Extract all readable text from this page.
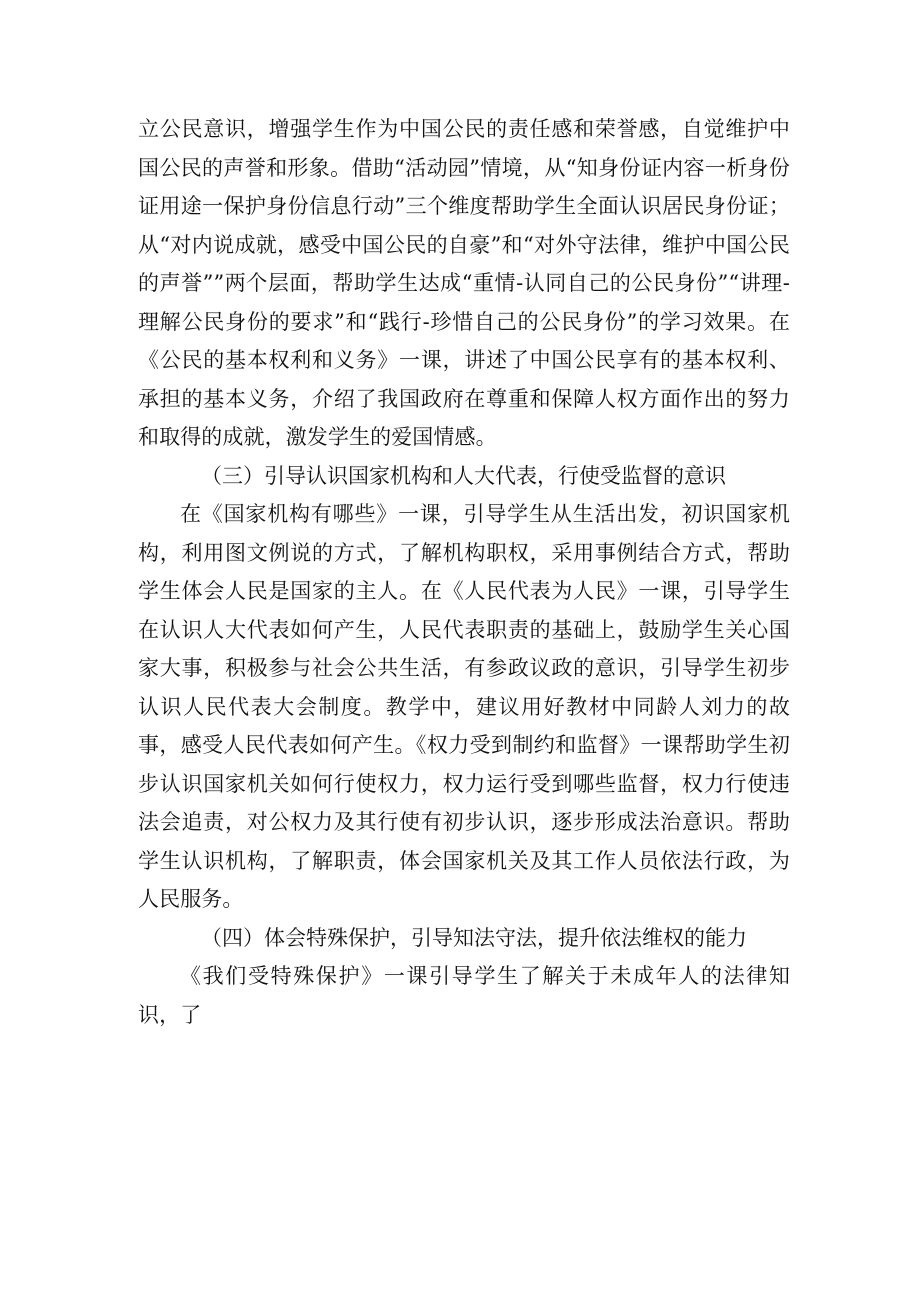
立公民意识，增强学生作为中国公民的责任感和荣誉感，自觉维护中国公民的声誉和形象。借助“活动园”情境，从“知身份证内容一析身份证用途一保护身份信息行动”三个维度帮助学生全面认识居民身份证；从“对内说成就，感受中国公民的自豪”和“对外守法律，维护中国公民的声誉””两个层面，帮助学生达成“重情-认同自己的公民身份”“讲理-理解公民身份的要求”和“践行-珍惜自己的公民身份”的学习效果。在《公民的基本权利和义务》一课，讲述了中国公民享有的基本权利、承担的基本义务，介绍了我国政府在尊重和保障人权方面作出的努力和取得的成就，激发学生的爱国情感。

（三）引导认识国家机构和人大代表，行使受监督的意识

在《国家机构有哪些》一课，引导学生从生活出发，初识国家机构，利用图文例说的方式，了解机构职权，采用事例结合方式，帮助学生体会人民是国家的主人。在《人民代表为人民》一课，引导学生在认识人大代表如何产生，人民代表职责的基础上，鼓励学生关心国家大事，积极参与社会公共生活，有参政议政的意识，引导学生初步认识人民代表大会制度。教学中，建议用好教材中同龄人刘力的故事，感受人民代表如何产生。《权力受到制约和监督》一课帮助学生初步认识国家机关如何行使权力，权力运行受到哪些监督，权力行使违法会追责，对公权力及其行使有初步认识，逐步形成法治意识。帮助学生认识机构，了解职责，体会国家机关及其工作人员依法行政，为人民服务。

（四）体会特殊保护，引导知法守法，提升依法维权的能力

《我们受特殊保护》一课引导学生了解关于未成年人的法律知识，了
